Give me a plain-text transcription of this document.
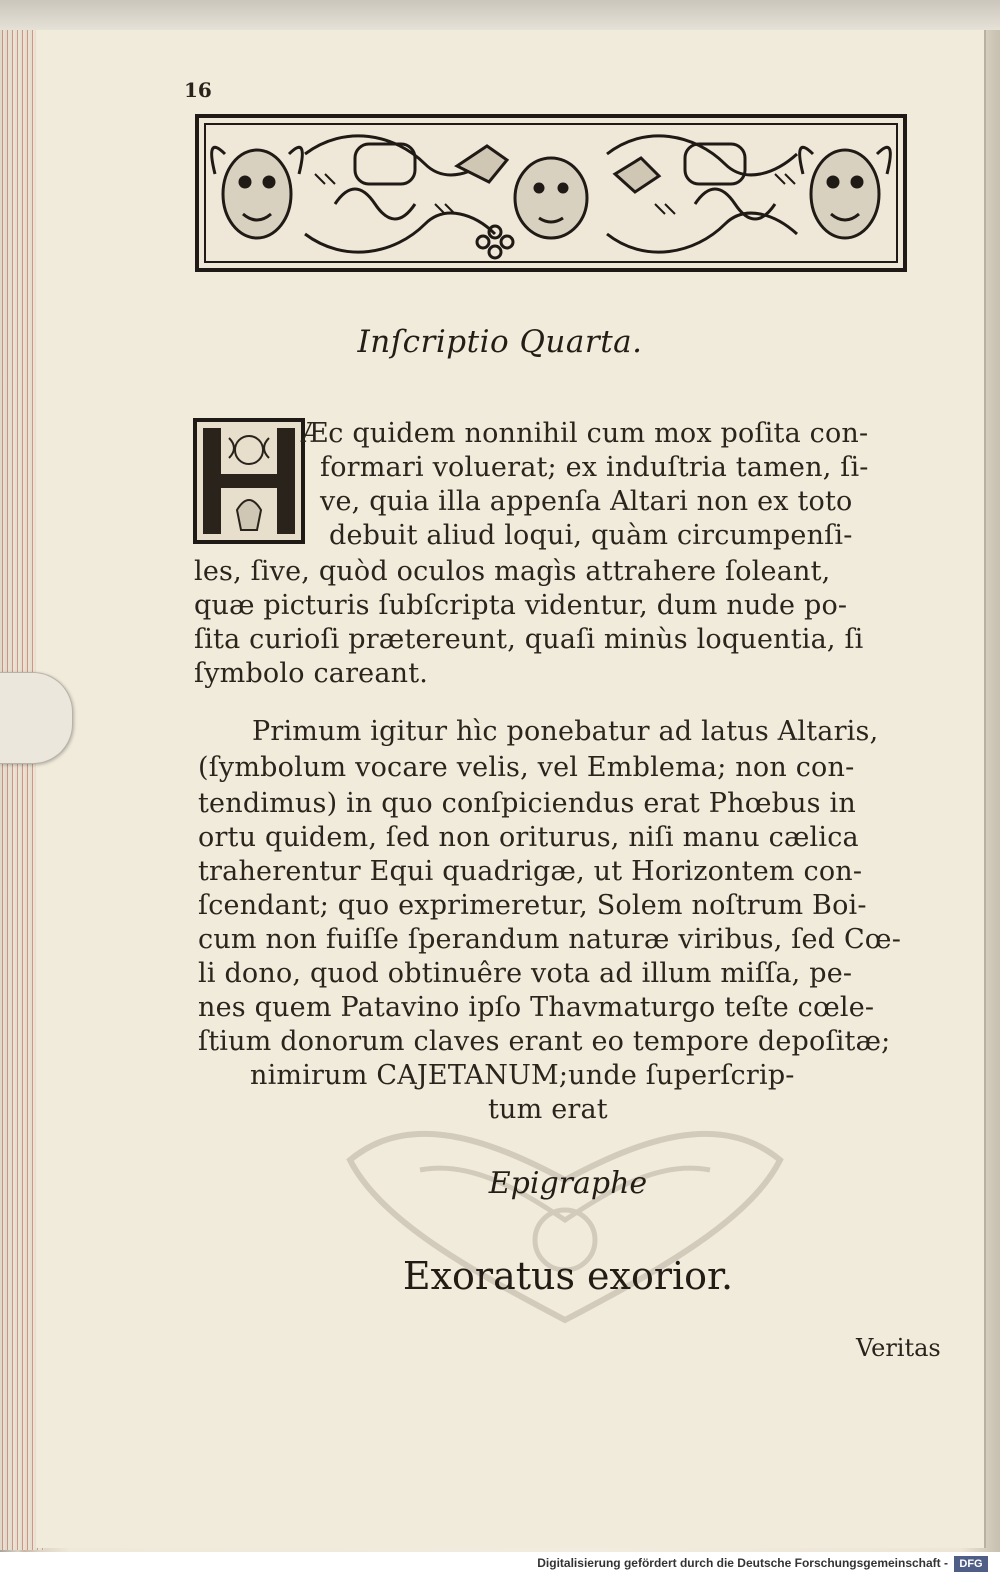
16
Inſcriptio Quarta.
Æc quidem nonnihil cum mox poſita con-
formari voluerat; ex induſtria tamen, ſi-
ve, quia illa appenſa Altari non ex toto
debuit aliud loqui, quàm circumpenſi-
les, ſive, quòd oculos magìs attrahere ſoleant,
quæ picturis ſubſcripta videntur, dum nude po-
ſita curioſi prætereunt, quaſi minùs loquentia, ſi
ſymbolo careant.
Primum igitur hìc ponebatur ad latus Altaris,
(ſymbolum vocare velis, vel Emblema; non con-
tendimus) in quo conſpiciendus erat Phœbus in
ortu quidem, ſed non oriturus, niſi manu cælica
traherentur Equi quadrigæ, ut Horizontem con-
ſcendant; quo exprimeretur, Solem noſtrum Boi-
cum non fuiſſe ſperandum naturæ viribus, ſed Cœ-
li dono, quod obtinuêre vota ad illum miſſa, pe-
nes quem Patavino ipſo Thavmaturgo teſte cœle-
ſtium donorum claves erant eo tempore depoſitæ;
nimirum CAJETANUM;unde ſuperſcrip-
tum erat
Epigraphe
Exoratus exorior.
Veritas
Digitalisierung gefördert durch die Deutsche Forschungsgemeinschaft -	DFG
